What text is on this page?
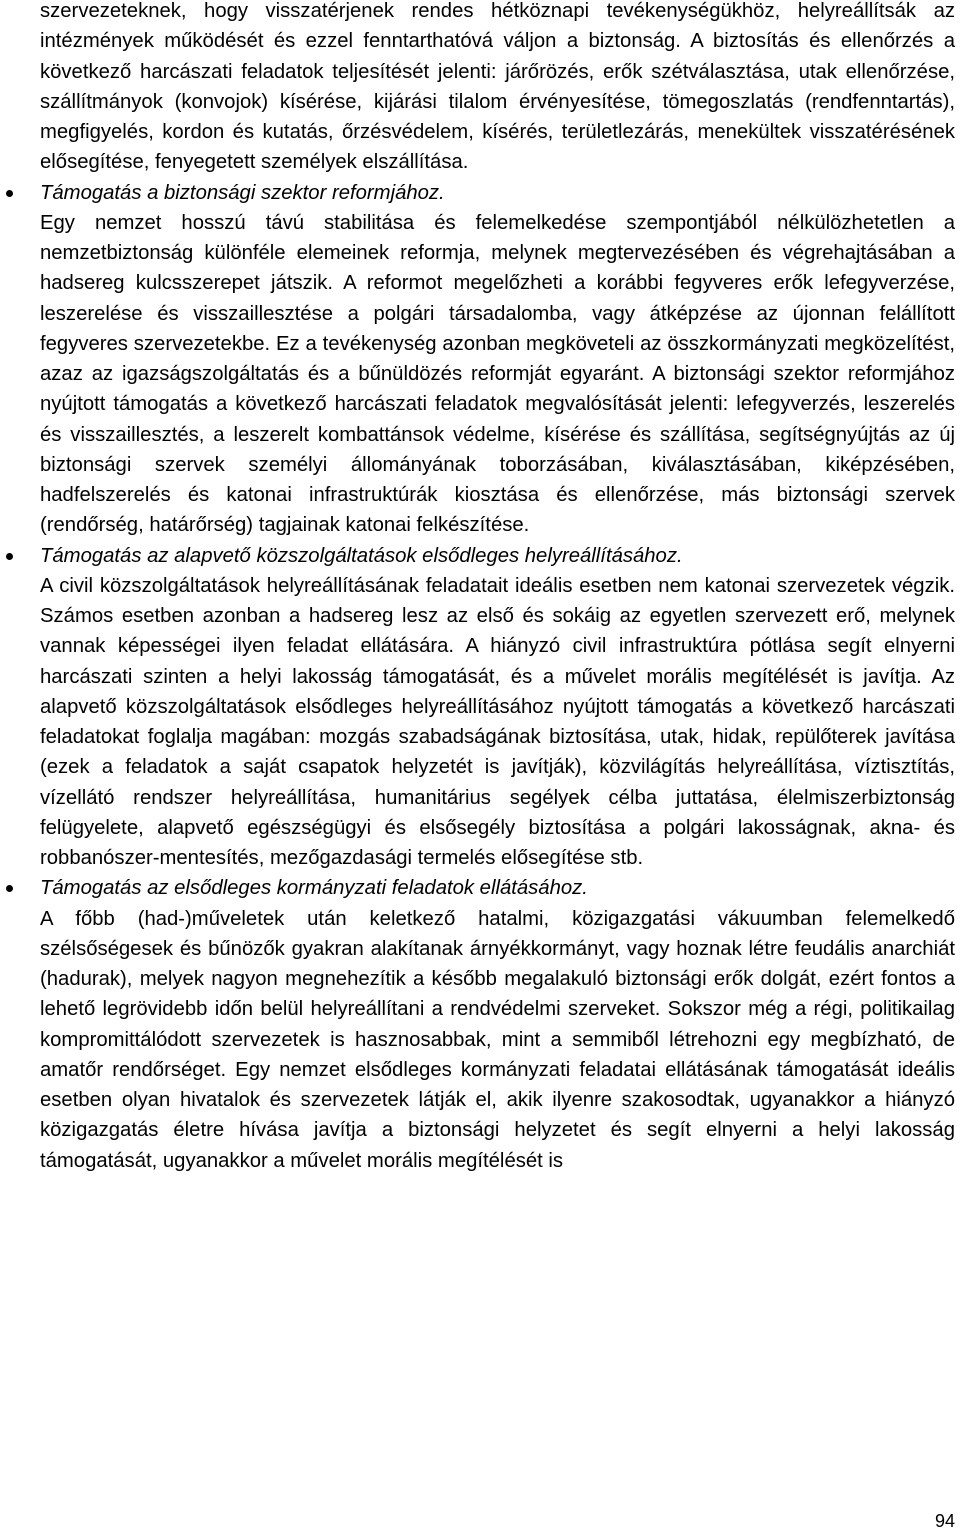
szervezeteknek, hogy visszatérjenek rendes hétköznapi tevékenységükhöz, helyreállítsák az intézmények működését és ezzel fenntarthatóvá váljon a biztonság. A biztosítás és ellenőrzés a következő harcászati feladatok teljesítését jelenti: járőrözés, erők szétválasztása, utak ellenőrzése, szállítmányok (konvojok) kísérése, kijárási tilalom érvényesítése, tömegoszlatás (rendfenntartás), megfigyelés, kordon és kutatás, őrzésvédelem, kísérés, területlezárás, menekültek visszatérésének elősegítése, fenyegetett személyek elszállítása.

Támogatás a biztonsági szektor reformjához.

Egy nemzet hosszú távú stabilitása és felemelkedése szempontjából nélkülözhetetlen a nemzetbiztonság különféle elemeinek reformja, melynek megtervezésében és végrehajtásában a hadsereg kulcsszerepet játszik. A reformot megelőzheti a korábbi fegyveres erők lefegyverzése, leszerelése és visszaillesztése a polgári társadalomba, vagy átképzése az újonnan felállított fegyveres szervezetekbe. Ez a tevékenység azonban megköveteli az összkormányzati megközelítést, azaz az igazságszolgáltatás és a bűnüldözés reformját egyaránt. A biztonsági szektor reformjához nyújtott támogatás a következő harcászati feladatok megvalósítását jelenti: lefegyverzés, leszerelés és visszaillesztés, a leszerelt kombattánsok védelme, kísérése és szállítása, segítségnyújtás az új biztonsági szervek személyi állományának toborzásában, kiválasztásában, kiképzésében, hadfelszerelés és katonai infrastruktúrák kiosztása és ellenőrzése, más biztonsági szervek (rendőrség, határőrség) tagjainak katonai felkészítése.

Támogatás az alapvető közszolgáltatások elsődleges helyreállításához.

A civil közszolgáltatások helyreállításának feladatait ideális esetben nem katonai szervezetek végzik. Számos esetben azonban a hadsereg lesz az első és sokáig az egyetlen szervezett erő, melynek vannak képességei ilyen feladat ellátására. A hiányzó civil infrastruktúra pótlása segít elnyerni harcászati szinten a helyi lakosság támogatását, és a művelet morális megítélését is javítja. Az alapvető közszolgáltatások elsődleges helyreállításához nyújtott támogatás a következő harcászati feladatokat foglalja magában: mozgás szabadságának biztosítása, utak, hidak, repülőterek javítása (ezek a feladatok a saját csapatok helyzetét is javítják), közvilágítás helyreállítása, víztisztítás, vízellátó rendszer helyreállítása, humanitárius segélyek célba juttatása, élelmiszerbiztonság felügyelete, alapvető egészségügyi és elsősegély biztosítása a polgári lakosságnak, akna- és robbanószer-mentesítés, mezőgazdasági termelés elősegítése stb.

Támogatás az elsődleges kormányzati feladatok ellátásához.

A főbb (had-)műveletek után keletkező hatalmi, közigazgatási vákuumban felemelkedő szélsőségesek és bűnözők gyakran alakítanak árnyékkormányt, vagy hoznak létre feudális anarchiát (hadurak), melyek nagyon megnehezítik a később megalakuló biztonsági erők dolgát, ezért fontos a lehető legrövidebb időn belül helyreállítani a rendvédelmi szerveket. Sokszor még a régi, politikailag kompromittálódott szervezetek is hasznosabbak, mint a semmiből létrehozni egy megbízható, de amatőr rendőrséget. Egy nemzet elsődleges kormányzati feladatai ellátásának támogatását ideális esetben olyan hivatalok és szervezetek látják el, akik ilyenre szakosodtak, ugyanakkor a hiányzó közigazgatás életre hívása javítja a biztonsági helyzetet és segít elnyerni a helyi lakosság támogatását, ugyanakkor a művelet morális megítélését is

94
